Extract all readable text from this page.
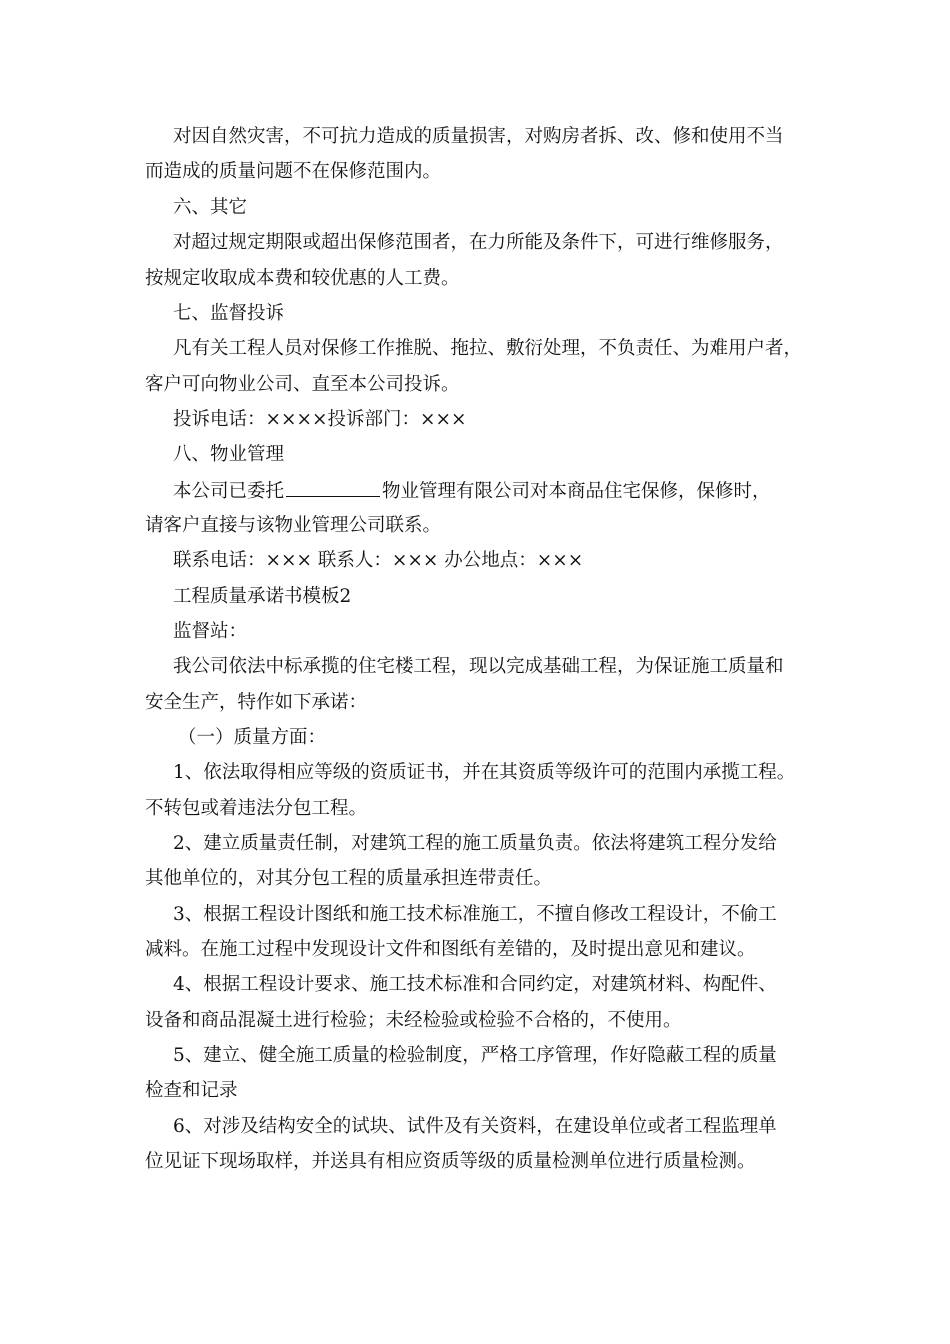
对因自然灾害，不可抗力造成的质量损害，对购房者拆、改、修和使用不当
而造成的质量问题不在保修范围内。
六、其它
对超过规定期限或超出保修范围者，在力所能及条件下，可进行维修服务，
按规定收取成本费和较优惠的人工费。
七、监督投诉
凡有关工程人员对保修工作推脱、拖拉、敷衍处理，不负责任、为难用户者，
客户可向物业公司、直至本公司投诉。
投诉电话：××××投诉部门：×××
八、物业管理
本公司已委托	物业管理有限公司对本商品住宅保修，保修时，
请客户直接与该物业管理公司联系。
联系电话：××× 联系人：××× 办公地点：×××
工程质量承诺书模板2
监督站：
我公司依法中标承揽的住宅楼工程，现以完成基础工程，为保证施工质量和
安全生产，特作如下承诺：
（一）质量方面：
1、依法取得相应等级的资质证书，并在其资质等级许可的范围内承揽工程。
不转包或着违法分包工程。
2、建立质量责任制，对建筑工程的施工质量负责。依法将建筑工程分发给
其他单位的，对其分包工程的质量承担连带责任。
3、根据工程设计图纸和施工技术标准施工，不擅自修改工程设计，不偷工
减料。在施工过程中发现设计文件和图纸有差错的，及时提出意见和建议。
4、根据工程设计要求、施工技术标准和合同约定，对建筑材料、构配件、
设备和商品混凝土进行检验；未经检验或检验不合格的，不使用。
5、建立、健全施工质量的检验制度，严格工序管理，作好隐蔽工程的质量
检查和记录
6、对涉及结构安全的试块、试件及有关资料，在建设单位或者工程监理单
位见证下现场取样，并送具有相应资质等级的质量检测单位进行质量检测。
